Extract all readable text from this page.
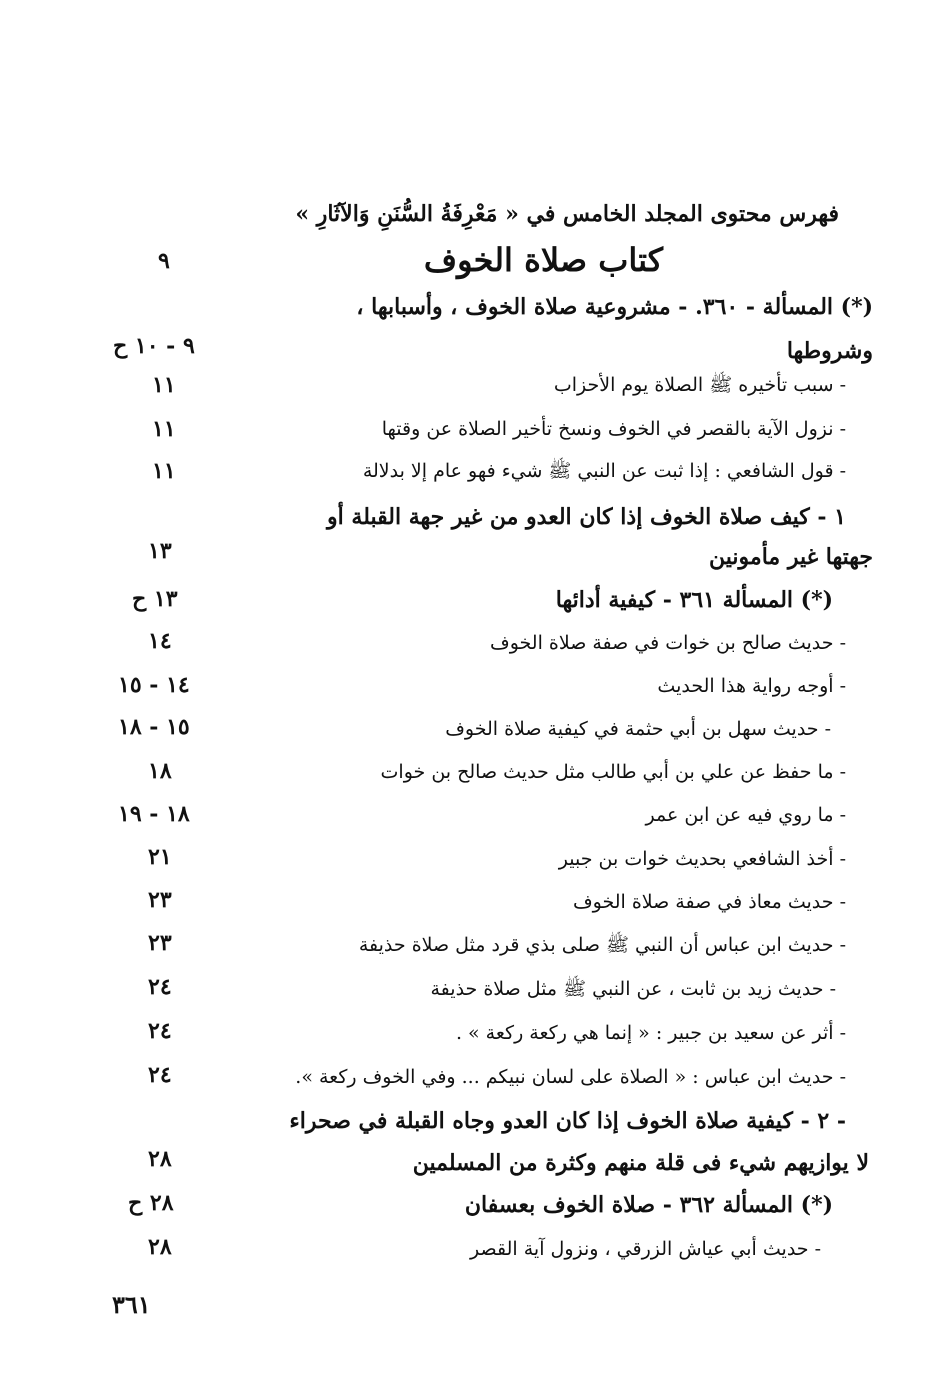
فهرس محتوى المجلد الخامس في « مَعْرِفَةُ السُّنَنِ وَالآثَارِ »
كتاب صلاة الخوف
٩
(*) المسألة - ٣٦٠. - مشروعية صلاة الخوف ، وأسبابها ،
وشروطها
٩ - ١٠ ح
- سبب تأخيره ﷺ الصلاة يوم الأحزاب
١١
- نزول الآية بالقصر في الخوف ونسخ تأخير الصلاة عن وقتها
١١
- قول الشافعي : إذا ثبت عن النبي ﷺ شيء فهو عام إلا بدلالة
١١
١ - كيف صلاة الخوف إذا كان العدو من غير جهة القبلة أو
جهتها غير مأمونين
١٣
(*) المسألة ٣٦١ - كيفية أدائها
١٣ ح
- حديث صالح بن خوات في صفة صلاة الخوف
١٤
- أوجه رواية هذا الحديث
١٤ - ١٥
- حديث سهل بن أبي حثمة في كيفية صلاة الخوف
١٥ - ١٨
- ما حفظ عن علي بن أبي طالب مثل حديث صالح بن خوات
١٨
- ما روي فيه عن ابن عمر
١٨ - ١٩
- أخذ الشافعي بحديث خوات بن جبير
٢١
- حديث معاذ في صفة صلاة الخوف
٢٣
- حديث ابن عباس أن النبي ﷺ صلى بذي قرد مثل صلاة حذيفة
٢٣
- حديث زيد بن ثابت ، عن النبي ﷺ مثل صلاة حذيفة
٢٤
- أثر عن سعيد بن جبير : « إنما هي ركعة ركعة » .
٢٤
- حديث ابن عباس : « الصلاة على لسان نبيكم ... وفي الخوف ركعة ».
٢٤
- ٢ - كيفية صلاة الخوف إذا كان العدو وجاه القبلة في صحراء
لا يوازيهم شيء فى قلة منهم وكثرة من المسلمين
٢٨
(*) المسألة ٣٦٢ - صلاة الخوف بعسفان
٢٨ ح
- حديث أبي عياش الزرقي ، ونزول آية القصر
٢٨
٣٦١
